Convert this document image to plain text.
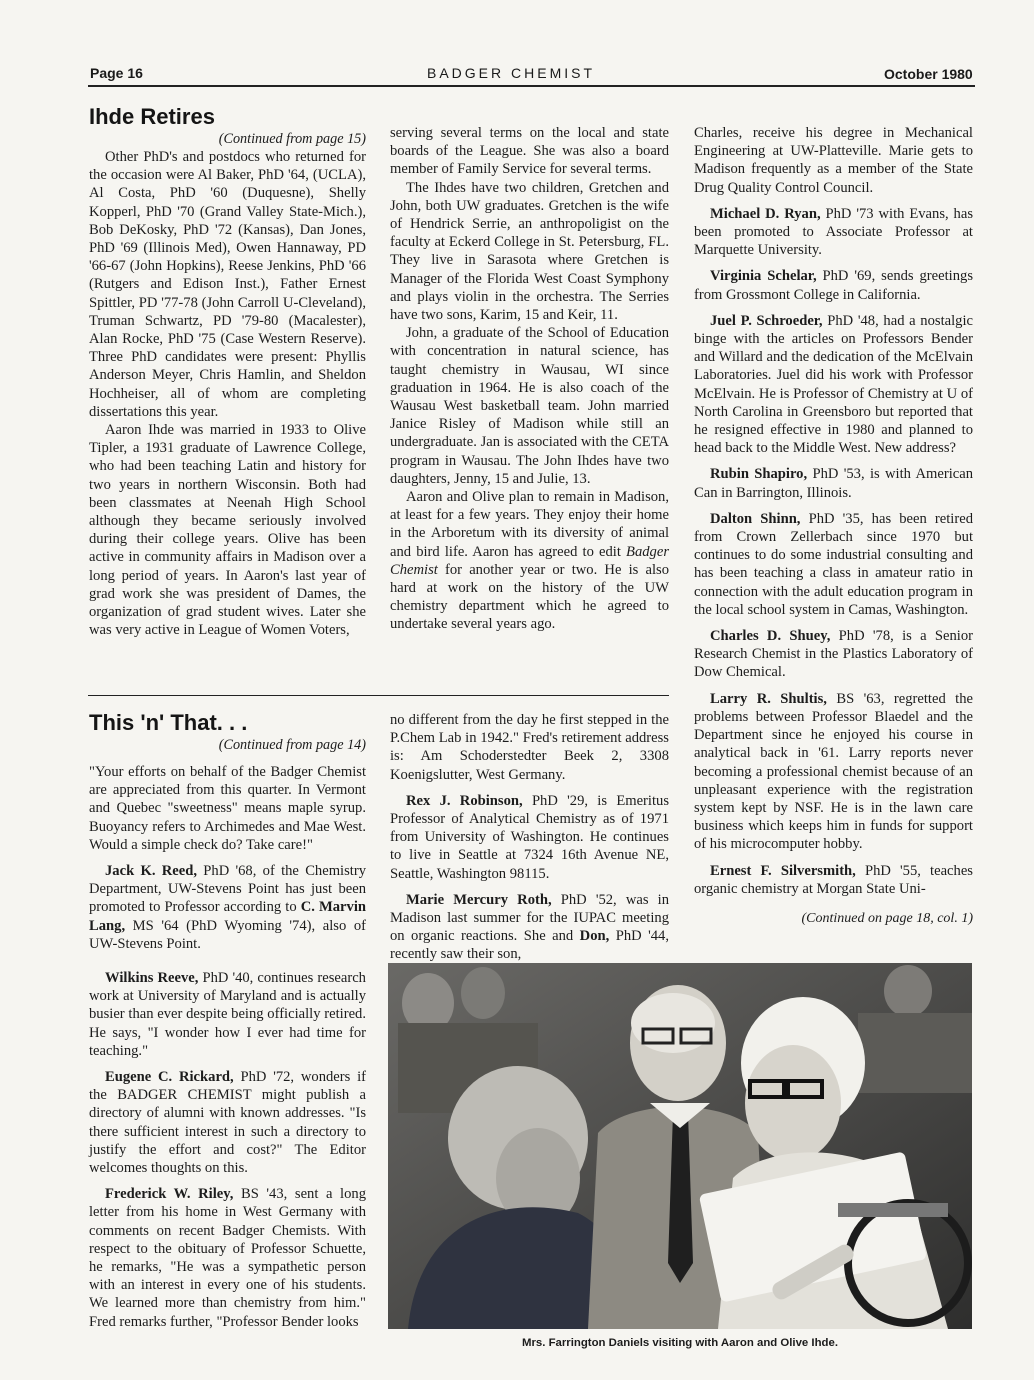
Page 16	BADGER CHEMIST	October 1980
Ihde Retires

(Continued from page 15)

Other PhD's and postdocs who returned for the occasion were Al Baker, PhD '64, (UCLA), Al Costa, PhD '60 (Duquesne), Shelly Kopperl, PhD '70 (Grand Valley State-Mich.), Bob DeKosky, PhD '72 (Kansas), Dan Jones, PhD '69 (Illinois Med), Owen Hannaway, PD '66-67 (John Hopkins), Reese Jenkins, PhD '66 (Rutgers and Edison Inst.), Father Ernest Spittler, PD '77-78 (John Carroll U-Cleveland), Truman Schwartz, PD '79-80 (Macalester), Alan Rocke, PhD '75 (Case Western Reserve). Three PhD candidates were present: Phyllis Anderson Meyer, Chris Hamlin, and Sheldon Hochheiser, all of whom are completing dissertations this year.

Aaron Ihde was married in 1933 to Olive Tipler, a 1931 graduate of Lawrence College, who had been teaching Latin and history for two years in northern Wisconsin. Both had been classmates at Neenah High School although they became seriously involved during their college years. Olive has been active in community affairs in Madison over a long period of years. In Aaron's last year of grad work she was president of Dames, the organization of grad student wives. Later she was very active in League of Women Voters,

serving several terms on the local and state boards of the League. She was also a board member of Family Service for several terms.

The Ihdes have two children, Gretchen and John, both UW graduates. Gretchen is the wife of Hendrick Serrie, an anthropoligist on the faculty at Eckerd College in St. Petersburg, FL. They live in Sarasota where Gretchen is Manager of the Florida West Coast Symphony and plays violin in the orchestra. The Serries have two sons, Karim, 15 and Keir, 11.

John, a graduate of the School of Education with concentration in natural science, has taught chemistry in Wausau, WI since graduation in 1964. He is also coach of the Wausau West basketball team. John married Janice Risley of Madison while still an undergraduate. Jan is associated with the CETA program in Wausau. The John Ihdes have two daughters, Jenny, 15 and Julie, 13.

Aaron and Olive plan to remain in Madison, at least for a few years. They enjoy their home in the Arboretum with its diversity of animal and bird life. Aaron has agreed to edit Badger Chemist for another year or two. He is also hard at work on the history of the UW chemistry department which he agreed to undertake several years ago.

This 'n' That. . .

(Continued from page 14)

"Your efforts on behalf of the Badger Chemist are appreciated from this quarter. In Vermont and Quebec "sweetness" means maple syrup. Buoyancy refers to Archimedes and Mae West. Would a simple check do? Take care!"

Jack K. Reed, PhD '68, of the Chemistry Department, UW-Stevens Point has just been promoted to Professor according to C. Marvin Lang, MS '64 (PhD Wyoming '74), also of UW-Stevens Point.

Wilkins Reeve, PhD '40, continues research work at University of Maryland and is actually busier than ever despite being officially retired. He says, "I wonder how I ever had time for teaching."

Eugene C. Rickard, PhD '72, wonders if the BADGER CHEMIST might publish a directory of alumni with known addresses. "Is there sufficient interest in such a directory to justify the effort and cost?" The Editor welcomes thoughts on this.

Frederick W. Riley, BS '43, sent a long letter from his home in West Germany with comments on recent Badger Chemists. With respect to the obituary of Professor Schuette, he remarks, "He was a sympathetic person with an interest in every one of his students. We learned more than chemistry from him." Fred remarks further, "Professor Bender looks

no different from the day he first stepped in the P.Chem Lab in 1942." Fred's retirement address is: Am Schoderstedter Beek 2, 3308 Koenigslutter, West Germany.

Rex J. Robinson, PhD '29, is Emeritus Professor of Analytical Chemistry as of 1971 from University of Washington. He continues to live in Seattle at 7324 16th Avenue NE, Seattle, Washington 98115.

Marie Mercury Roth, PhD '52, was in Madison last summer for the IUPAC meeting on organic reactions. She and Don, PhD '44, recently saw their son,

Charles, receive his degree in Mechanical Engineering at UW-Platteville. Marie gets to Madison frequently as a member of the State Drug Quality Control Council.

Michael D. Ryan, PhD '73 with Evans, has been promoted to Associate Professor at Marquette University.

Virginia Schelar, PhD '69, sends greetings from Grossmont College in California.

Juel P. Schroeder, PhD '48, had a nostalgic binge with the articles on Professors Bender and Willard and the dedication of the McElvain Laboratories. Juel did his work with Professor McElvain. He is Professor of Chemistry at U of North Carolina in Greensboro but reported that he resigned effective in 1980 and planned to head back to the Middle West. New address?

Rubin Shapiro, PhD '53, is with American Can in Barrington, Illinois.

Dalton Shinn, PhD '35, has been retired from Crown Zellerbach since 1970 but continues to do some industrial consulting and has been teaching a class in amateur ratio in connection with the adult education program in the local school system in Camas, Washington.

Charles D. Shuey, PhD '78, is a Senior Research Chemist in the Plastics Laboratory of Dow Chemical.

Larry R. Shultis, BS '63, regretted the problems between Professor Blaedel and the Department since he enjoyed his course in analytical back in '61. Larry reports never becoming a professional chemist because of an unpleasant experience with the registration system kept by NSF. He is in the lawn care business which keeps him in funds for support of his microcomputer hobby.

Ernest F. Silversmith, PhD '55, teaches organic chemistry at Morgan State Uni-

(Continued on page 18, col. 1)

Mrs. Farrington Daniels visiting with Aaron and Olive Ihde.
